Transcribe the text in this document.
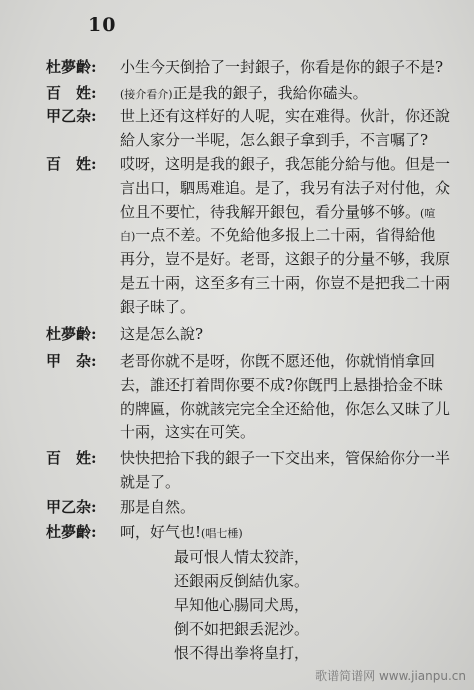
10
杜夢齡: 小生今天倒拾了一封銀子，你看是你的銀子不是?
百　姓: (接介看介)正是我的銀子，我給你磕头。
甲乙杂: 世上还有这样好的人呢，实在难得。伙計，你还說
給人家分一半呢，怎么銀子拿到手，不言嘱了?
百　姓: 哎呀，这明是我的銀子，我怎能分給与他。但是一
言出口，駟馬难追。是了，我另有法子对付他，众
位且不要忙，待我解开銀包，看分量够不够。(喧
白)一点不差。不免給他多报上二十兩，省得給他
再分，豈不是好。老哥，这銀子的分量不够，我原
是五十兩，这至多有三十兩，你豈不是把我二十兩
銀子昧了。
杜夢齡: 这是怎么說?
甲　杂: 老哥你就不是呀，你旣不愿还他，你就悄悄拿回
去，誰还打着問你要不成?你旣門上悬掛拾金不昧
的牌匾，你就該完完全全还給他，你怎么又昧了儿
十兩，这实在可笑。
百　姓: 快快把拾下我的銀子一下交出来，管保給你分一半
就是了。
甲乙杂: 那是自然。
杜夢齡: 呵，好气也!(唱七棰)
最可恨人情太狡詐，
还銀兩反倒結仇家。
早知他心腸同犬馬，
倒不如把銀丢泥沙。
恨不得出拳将皇打，
歌谱简谱网 www.jianpu.cn
